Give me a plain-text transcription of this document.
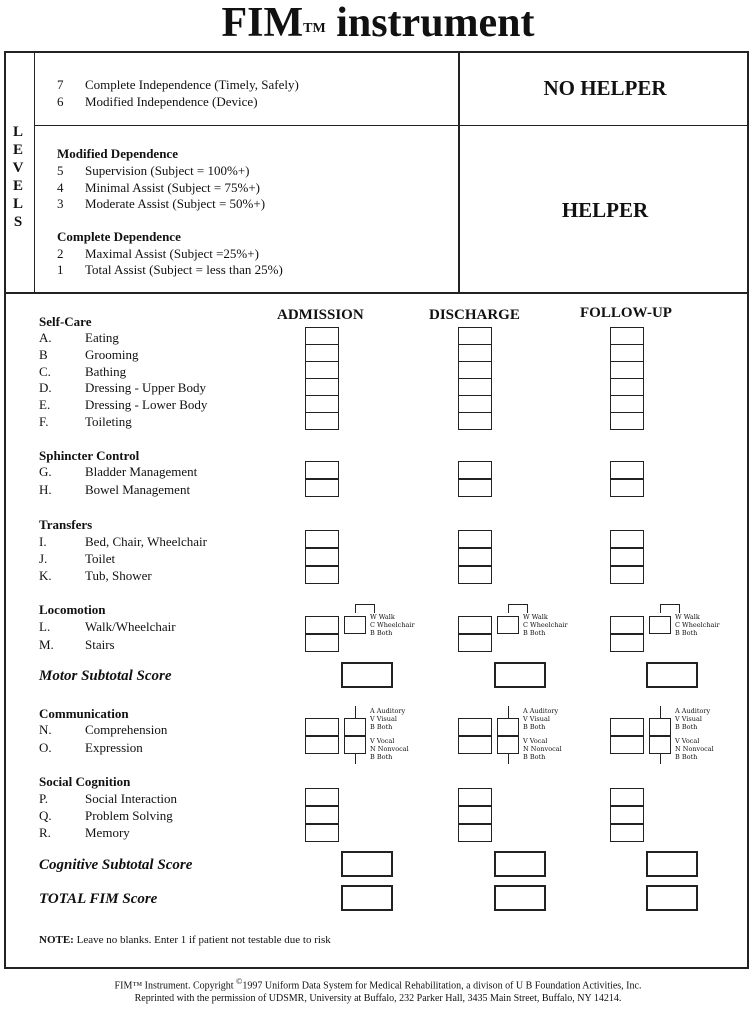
FIM™ instrument
L
E
V
E
L
S
7 Complete Independence (Timely, Safely)
6 Modified Independence (Device)
NO HELPER
Modified Dependence
5 Supervision (Subject = 100%+)
4 Minimal Assist (Subject = 75%+)
3 Moderate Assist (Subject = 50%+)
Complete Dependence
2 Maximal Assist (Subject =25%+)
1 Total Assist (Subject = less than 25%)
HELPER
ADMISSION	DISCHARGE	FOLLOW-UP
Self-Care
A.	Eating
B	Grooming
C.	Bathing
D.	Dressing - Upper Body
E.	Dressing - Lower Body
F.	Toileting
Sphincter Control
G.	Bladder Management
H.	Bowel Management
Transfers
I.	Bed, Chair, Wheelchair
J.	Toilet
K.	Tub, Shower
Locomotion
L.	Walk/Wheelchair
M. Stairs
Motor Subtotal Score
Communication
N.	Comprehension
O.	Expression
Social Cognition
P.	Social Interaction
Q.	Problem Solving
R.	Memory
Cognitive Subtotal Score
TOTAL FIM Score
NOTE: Leave no blanks. Enter 1 if patient not testable due to risk
FIM™ Instrument. Copyright ©1997 Uniform Data System for Medical Rehabilitation, a divison of U B Foundation Activities, Inc.
Reprinted with the permission of UDSMR, University at Buffalo, 232 Parker Hall, 3435 Main Street, Buffalo, NY 14214.
W Walk
C Wheelchair
B Both
A Auditory
V Visual
B Both
V Vocal
N Nonvocal
B Both
W Walk
C Wheelchair
B Both
A Auditory
V Visual
B Both
V Vocal
N Nonvocal
B Both
W Walk
C Wheelchair
B Both
A Auditory
V Visual
B Both
V Vocal
N Nonvocal
B Both
